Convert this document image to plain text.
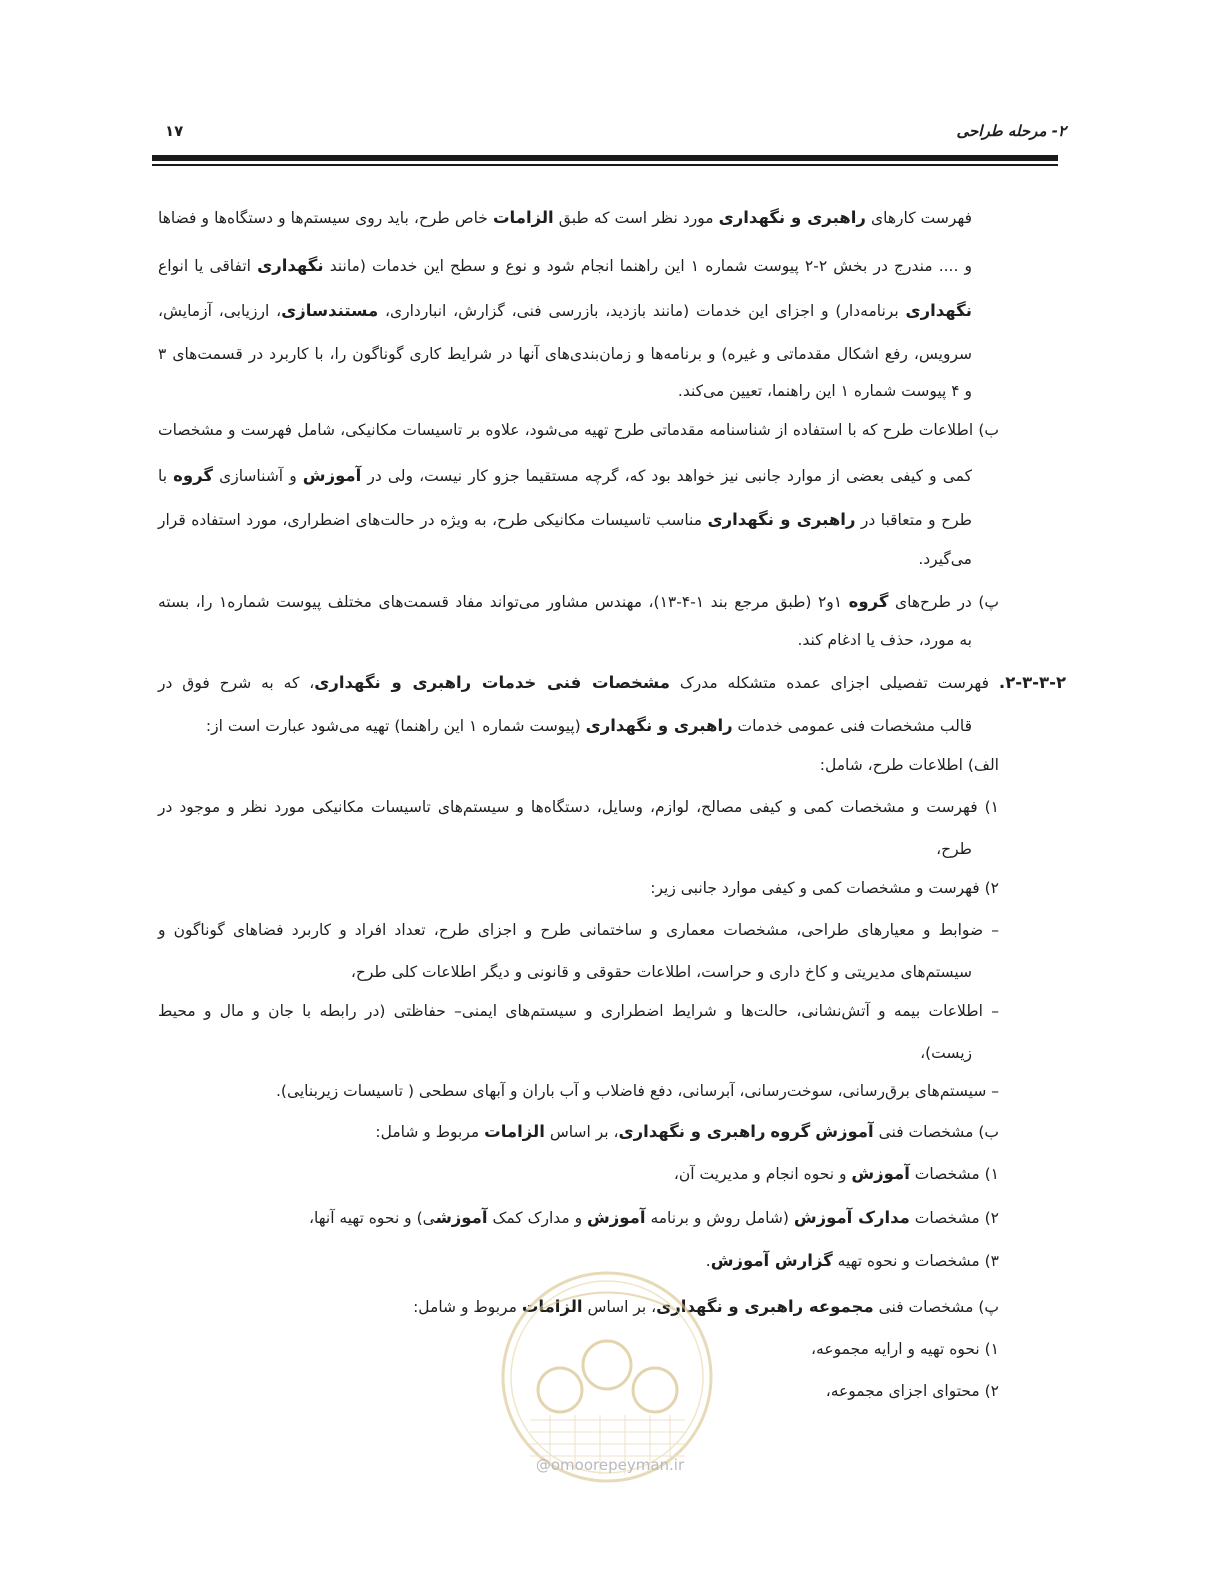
۲- مرحله طراحی
۱۷
فهرست کارهای راهبری و نگهداری مورد نظر است که طبق الزامات خاص طرح، باید روی سیستم‌ها و دستگاه‌ها و فضاها
و .... مندرج در بخش ۲-۲ پیوست شماره ۱ این راهنما انجام شود و نوع و سطح این خدمات (مانند نگهداری اتفاقی یا انواع
نگهداری برنامه‌دار) و اجزای این خدمات (مانند بازدید، بازرسی فنی، گزارش، انبارداری، مستندسازی، ارزیابی، آزمایش،
سرویس، رفع اشکال مقدماتی و غیره) و برنامه‌ها و زمان‌بندی‌های آنها در شرایط کاری گوناگون را، با کاربرد در قسمت‌های ۳
و ۴ پیوست شماره ۱ این راهنما، تعیین می‌کند.
ب) اطلاعات طرح که با استفاده از شناسنامه مقدماتی طرح تهیه می‌شود، علاوه بر تاسیسات مکانیکی، شامل فهرست و مشخصات
کمی و کیفی بعضی از موارد جانبی نیز خواهد بود که، گرچه مستقیما جزو کار نیست، ولی در آموزش و آشناسازی گروه با
طرح و متعاقبا در راهبری و نگهداری مناسب تاسیسات مکانیکی طرح، به ویژه در حالت‌های اضطراری، مورد استفاده قرار
می‌گیرد.
پ) در طرح‌های گروه ۱و۲ (طبق مرجع بند ۱-۴-۱۳)، مهندس مشاور می‌تواند مفاد قسمت‌های مختلف پیوست شماره۱ را، بسته
به مورد، حذف یا ادغام کند.
۲-۳-۳-۲. فهرست تفصیلی اجزای عمده متشکله مدرک مشخصات فنی خدمات راهبری و نگهداری، که به شرح فوق در
قالب مشخصات فنی عمومی خدمات راهبری و نگهداری (پیوست شماره ۱ این راهنما) تهیه می‌شود عبارت است از:
الف) اطلاعات طرح، شامل:
۱) فهرست و مشخصات کمی و کیفی مصالح، لوازم، وسایل، دستگاه‌ها و سیستم‌های تاسیسات مکانیکی مورد نظر و موجود در
طرح،
۲) فهرست و مشخصات کمی و کیفی موارد جانبی زیر:
– ضوابط و معیارهای طراحی، مشخصات معماری و ساختمانی طرح و اجزای طرح، تعداد افراد و کاربرد فضاهای گوناگون و
سیستم‌های مدیریتی و کاخ داری و حراست، اطلاعات حقوقی و قانونی و دیگر اطلاعات کلی طرح،
– اطلاعات بیمه و آتش‌نشانی، حالت‌ها و شرایط اضطراری و سیستم‌های ایمنی– حفاظتی (در رابطه با جان و مال و محیط
زیست)،
– سیستم‌های برق‌رسانی، سوخت‌رسانی، آبرسانی، دفع فاضلاب و آب باران و آبهای سطحی ( تاسیسات زیربنایی).
ب) مشخصات فنی آموزش گروه راهبری و نگهداری، بر اساس الزامات مربوط و شامل:
۱) مشخصات آموزش و نحوه انجام و مدیریت آن،
۲) مشخصات مدارک آموزش (شامل روش و برنامه آموزش و مدارک کمک آموزشی) و نحوه تهیه آنها،
۳) مشخصات و نحوه تهیه گزارش آموزش.
پ) مشخصات فنی مجموعه راهبری و نگهداری، بر اساس الزامات مربوط و شامل:
۱) نحوه تهیه و ارایه مجموعه،
۲) محتوای اجزای مجموعه،
@omoorepeyman.ir
